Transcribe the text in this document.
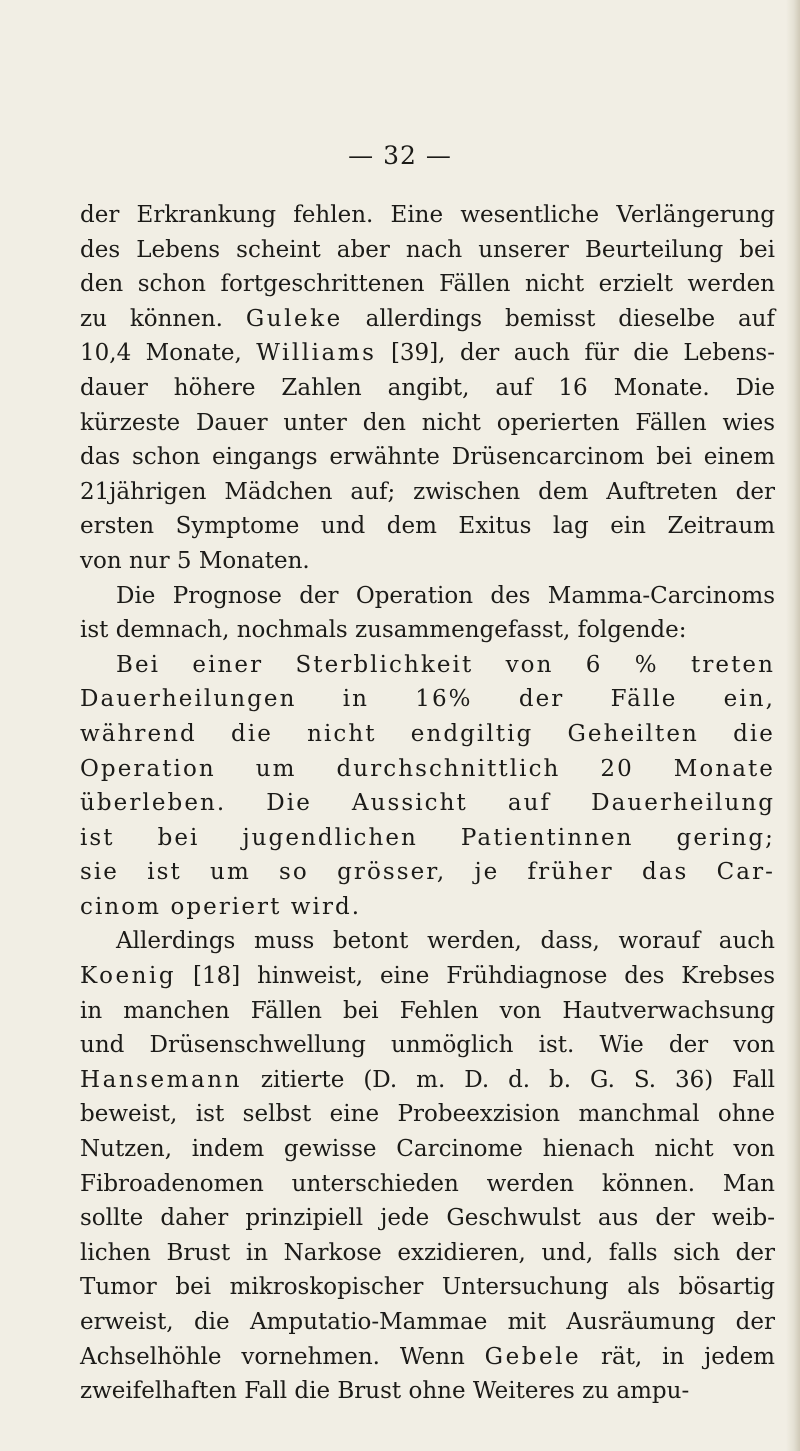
— 32 —
der Erkrankung fehlen. Eine wesentliche Verlängerung
des Lebens scheint aber nach unserer Beurteilung bei
den schon fortgeschrittenen Fällen nicht erzielt werden
zu können. Guleke allerdings bemisst dieselbe auf
10,4 Monate, Williams [39], der auch für die Lebens-
dauer höhere Zahlen angibt, auf 16 Monate. Die
kürzeste Dauer unter den nicht operierten Fällen wies
das schon eingangs erwähnte Drüsencarcinom bei einem
21jährigen Mädchen auf; zwischen dem Auftreten der
ersten Symptome und dem Exitus lag ein Zeitraum
von nur 5 Monaten.
Die Prognose der Operation des Mamma-Carcinoms
ist demnach, nochmals zusammengefasst, folgende:
Bei einer Sterblichkeit von 6 % treten
Dauerheilungen in 16% der Fälle ein,
während die nicht endgiltig Geheilten die
Operation um durchschnittlich 20 Monate
überleben. Die Aussicht auf Dauerheilung
ist bei jugendlichen Patientinnen gering;
sie ist um so grösser, je früher das Car-
cinom operiert wird.
Allerdings muss betont werden, dass, worauf auch
Koenig [18] hinweist, eine Frühdiagnose des Krebses
in manchen Fällen bei Fehlen von Hautverwachsung
und Drüsenschwellung unmöglich ist. Wie der von
Hansemann zitierte (D. m. D. d. b. G. S. 36) Fall
beweist, ist selbst eine Probeexzision manchmal ohne
Nutzen, indem gewisse Carcinome hienach nicht von
Fibroadenomen unterschieden werden können. Man
sollte daher prinzipiell jede Geschwulst aus der weib-
lichen Brust in Narkose exzidieren, und, falls sich der
Tumor bei mikroskopischer Untersuchung als bösartig
erweist, die Amputatio-Mammae mit Ausräumung der
Achselhöhle vornehmen. Wenn Gebele rät, in jedem
zweifelhaften Fall die Brust ohne Weiteres zu ampu-
